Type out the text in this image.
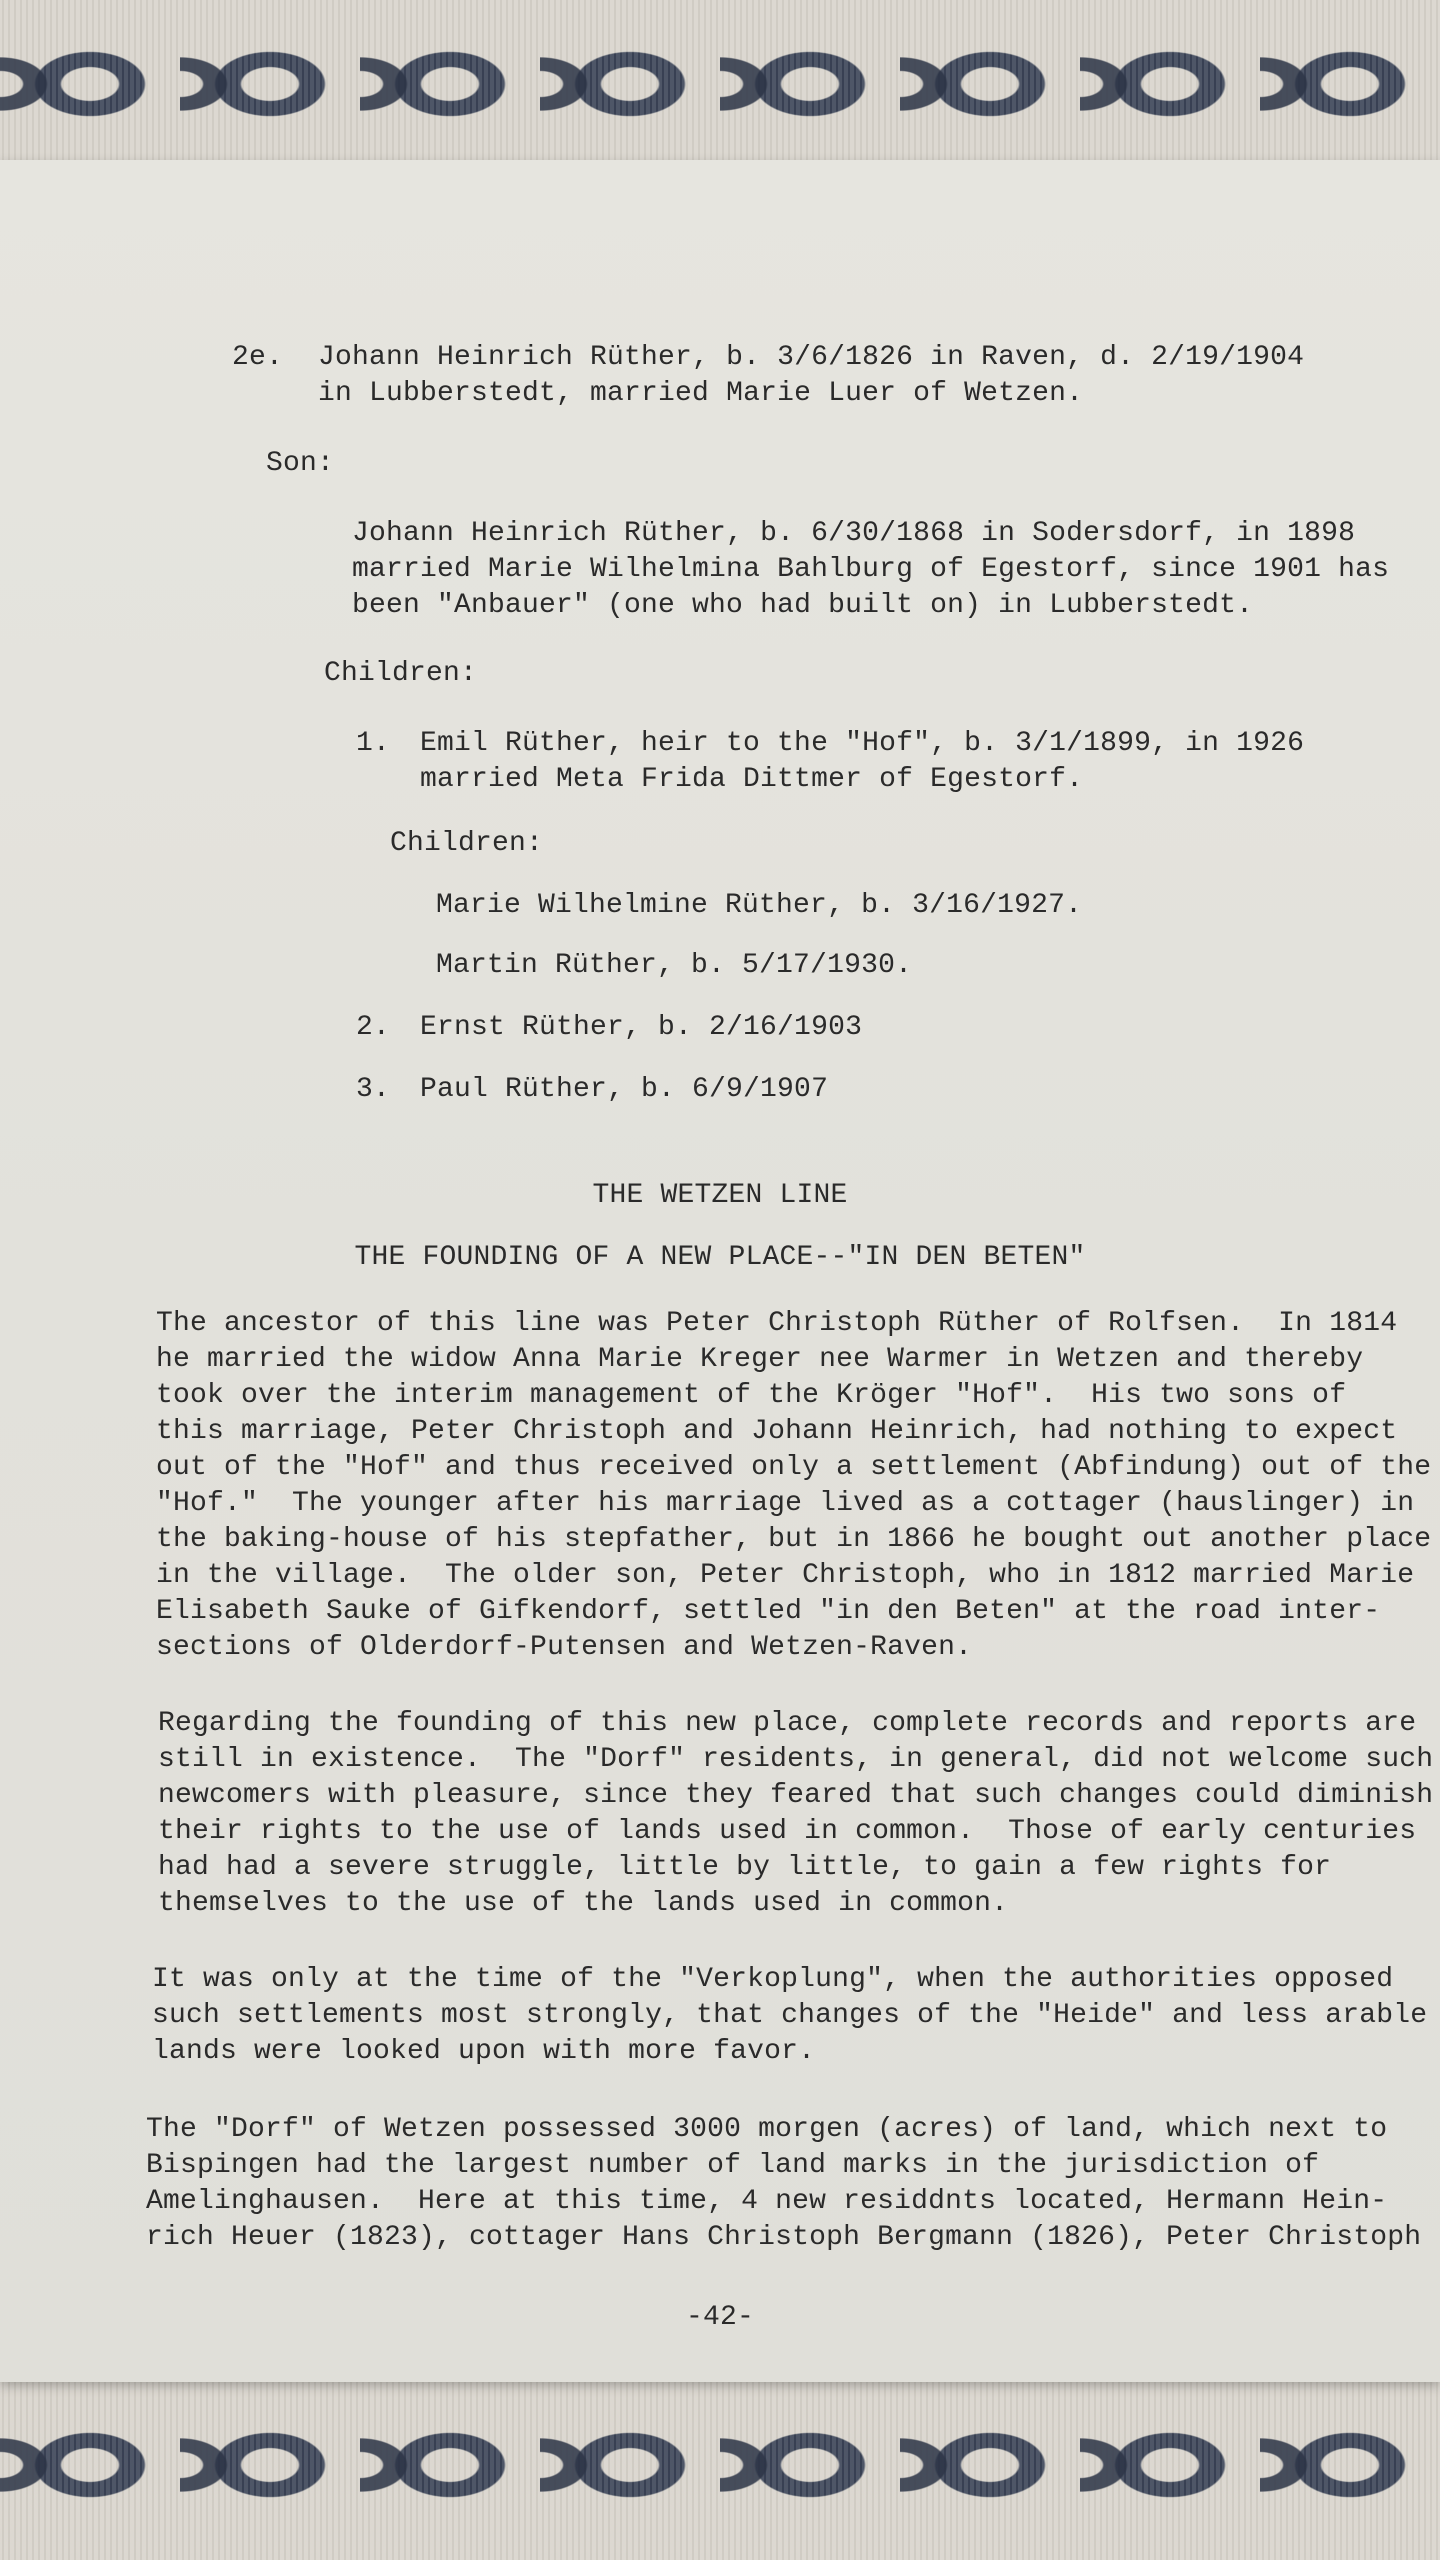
2e. Johann Heinrich Rüther, b. 3/6/1826 in Raven, d. 2/19/1904
in Lubberstedt, married Marie Luer of Wetzen.
Son:
Johann Heinrich Rüther, b. 6/30/1868 in Sodersdorf, in 1898
married Marie Wilhelmina Bahlburg of Egestorf, since 1901 has
been "Anbauer" (one who had built on) in Lubberstedt.
Children:
1. Emil Rüther, heir to the "Hof", b. 3/1/1899, in 1926
married Meta Frida Dittmer of Egestorf.
Children:
Marie Wilhelmine Rüther, b. 3/16/1927.
Martin Rüther, b. 5/17/1930.
2. Ernst Rüther, b. 2/16/1903
3. Paul Rüther, b. 6/9/1907
THE WETZEN LINE
THE FOUNDING OF A NEW PLACE--"IN DEN BETEN"
The ancestor of this line was Peter Christoph Rüther of Rolfsen.  In 1814
he married the widow Anna Marie Kreger nee Warmer in Wetzen and thereby
took over the interim management of the Kröger "Hof".  His two sons of
this marriage, Peter Christoph and Johann Heinrich, had nothing to expect
out of the "Hof" and thus received only a settlement (Abfindung) out of the
"Hof."  The younger after his marriage lived as a cottager (hauslinger) in
the baking-house of his stepfather, but in 1866 he bought out another place
in the village.  The older son, Peter Christoph, who in 1812 married Marie
Elisabeth Sauke of Gifkendorf, settled "in den Beten" at the road inter-
sections of Olderdorf-Putensen and Wetzen-Raven.
Regarding the founding of this new place, complete records and reports are
still in existence.  The "Dorf" residents, in general, did not welcome such
newcomers with pleasure, since they feared that such changes could diminish
their rights to the use of lands used in common.  Those of early centuries
had had a severe struggle, little by little, to gain a few rights for
themselves to the use of the lands used in common.
It was only at the time of the "Verkoplung", when the authorities opposed
such settlements most strongly, that changes of the "Heide" and less arable
lands were looked upon with more favor.
The "Dorf" of Wetzen possessed 3000 morgen (acres) of land, which next to
Bispingen had the largest number of land marks in the jurisdiction of
Amelinghausen.  Here at this time, 4 new residdnts located, Hermann Hein-
rich Heuer (1823), cottager Hans Christoph Bergmann (1826), Peter Christoph
-42-
